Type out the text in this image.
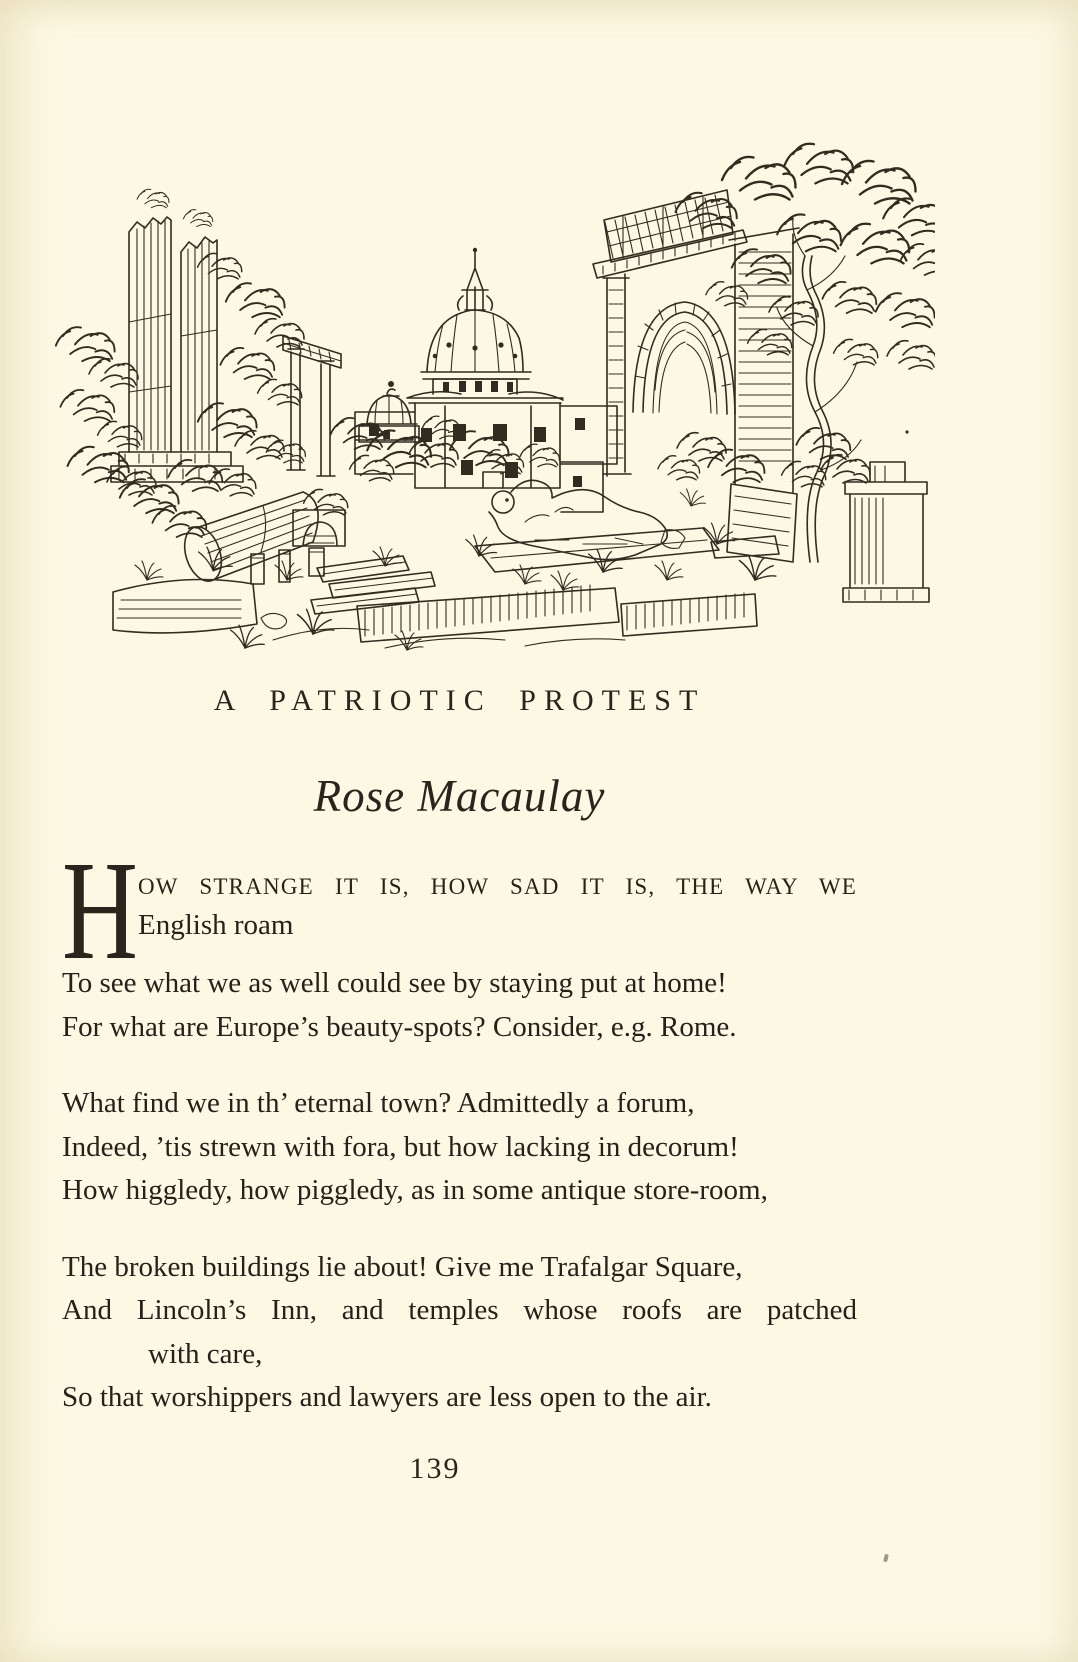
A PATRIOTIC PROTEST
Rose Macaulay
H OW STRANGE IT IS, HOW SAD IT IS, THE WAY WE
English roam
To see what we as well could see by staying put at home!
For what are Europe’s beauty-spots? Consider, e.g. Rome.
What find we in th’ eternal town? Admittedly a forum,
Indeed, ’tis strewn with fora, but how lacking in decorum!
How higgledy, how piggledy, as in some antique store-room,
The broken buildings lie about! Give me Trafalgar Square,
And Lincoln’s Inn, and temples whose roofs are patched
with care,
So that worshippers and lawyers are less open to the air.
139
